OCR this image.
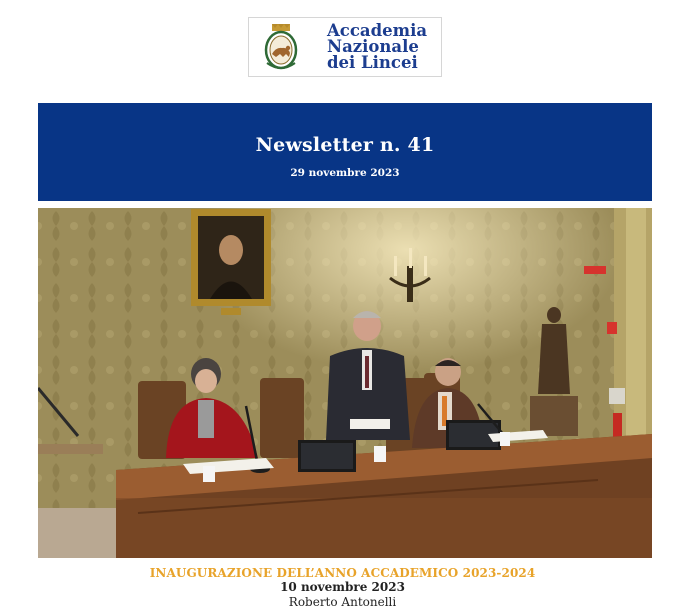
Accademia
Nazionale
dei Lincei
Newsletter n. 41
29 novembre 2023
INAUGURAZIONE DELL’ANNO ACCADEMICO 2023-2024
10 novembre 2023
Roberto Antonelli
